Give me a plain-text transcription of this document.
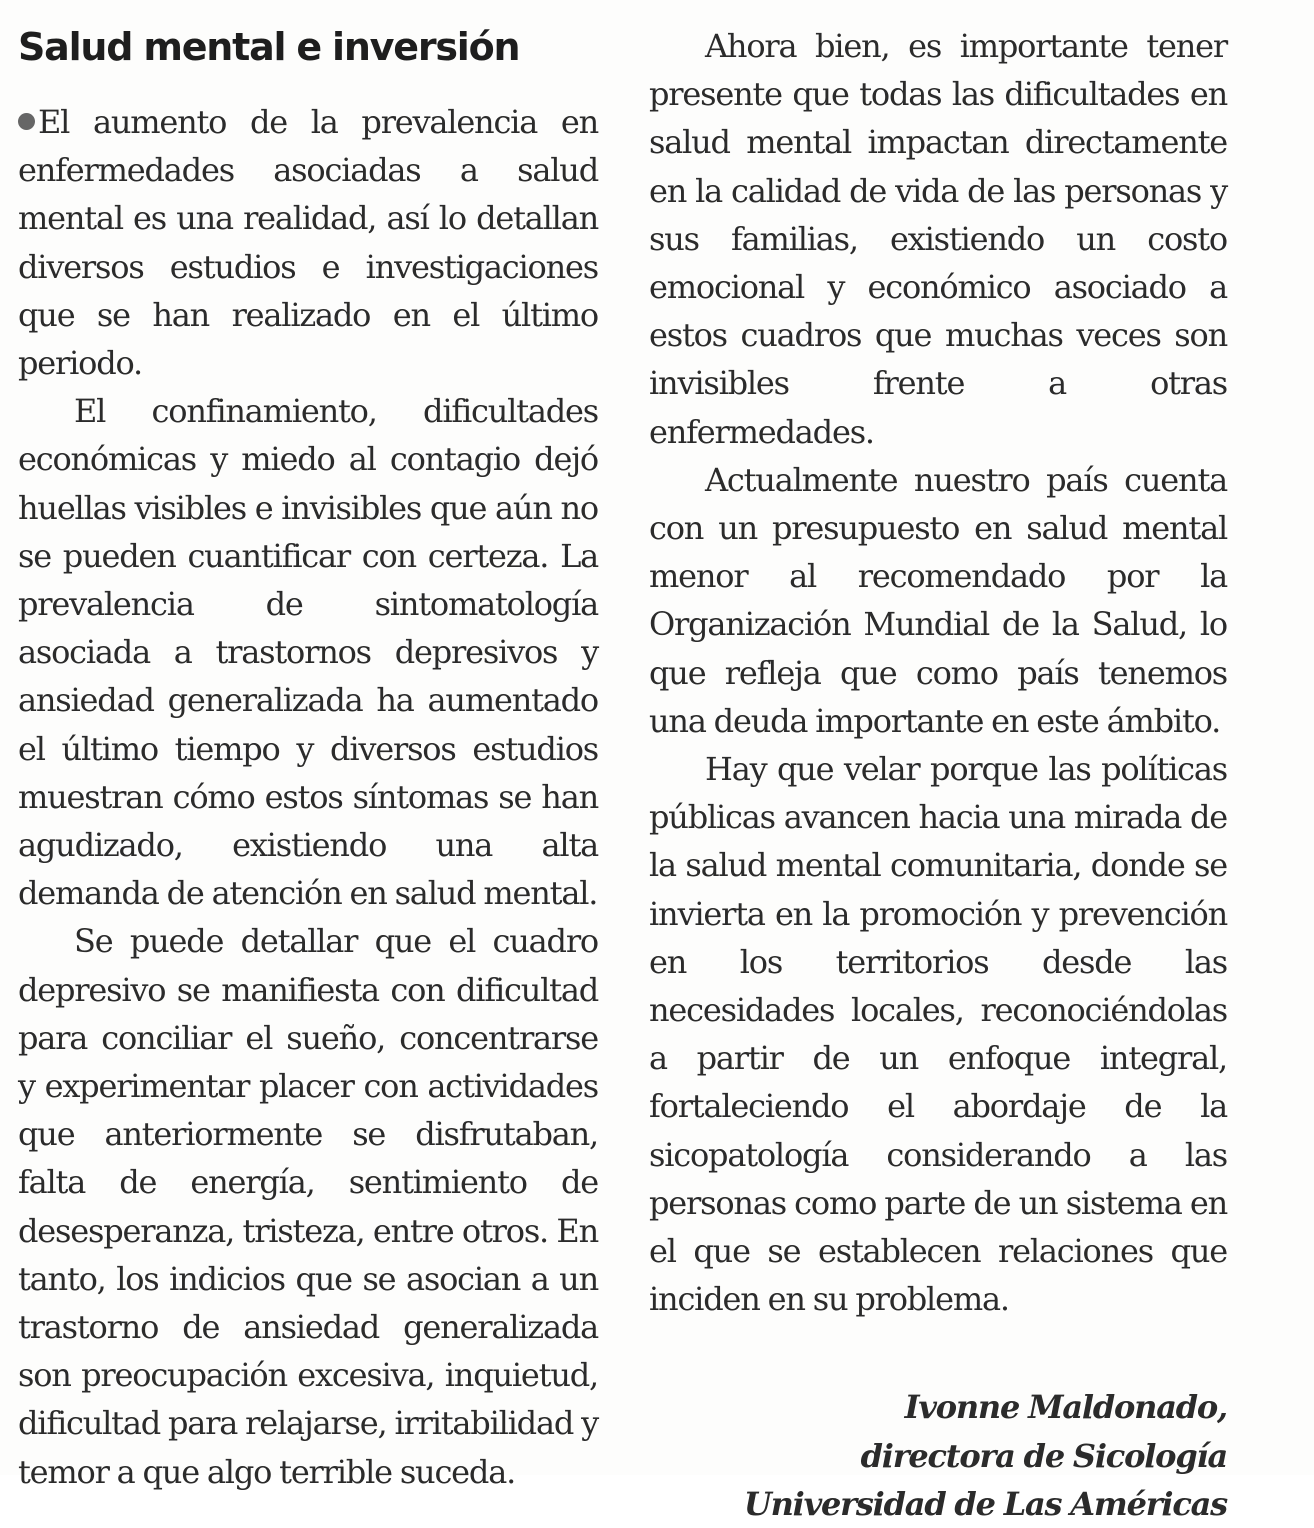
Salud mental e inversión

El aumento de la prevalencia en enfermedades asociadas a salud mental es una realidad, así lo detallan diversos estudios e investigaciones que se han realizado en el último periodo.

El confinamiento, dificultades económicas y miedo al contagio dejó huellas visibles e invisibles que aún no se pueden cuantificar con certeza. La prevalencia de sintomatología asociada a trastornos depresivos y ansiedad generalizada ha aumentado el último tiempo y diversos estudios muestran cómo estos síntomas se han agudizado, existiendo una alta demanda de atención en salud mental.

Se puede detallar que el cuadro depresivo se manifiesta con dificultad para conciliar el sueño, concentrarse y experimentar placer con actividades que anteriormente se disfrutaban, falta de energía, sentimiento de desesperanza, tristeza, entre otros. En tanto, los indicios que se asocian a un trastorno de ansiedad generalizada son preocupación excesiva, inquietud, dificultad para relajarse, irritabilidad y temor a que algo terrible suceda.

Ahora bien, es importante tener presente que todas las dificultades en salud mental impactan directamente en la calidad de vida de las personas y sus familias, existiendo un costo emocional y económico asociado a estos cuadros que muchas veces son invisibles frente a otras enfermedades.

Actualmente nuestro país cuenta con un presupuesto en salud mental menor al recomendado por la Organización Mundial de la Salud, lo que refleja que como país tenemos una deuda importante en este ámbito.

Hay que velar porque las políticas públicas avancen hacia una mirada de la salud mental comunitaria, donde se invierta en la promoción y prevención en los territorios desde las necesidades locales, reconociéndolas a partir de un enfoque integral, fortaleciendo el abordaje de la sicopatología considerando a las personas como parte de un sistema en el que se establecen relaciones que inciden en su problema.

Ivonne Maldonado,
directora de Sicología
Universidad de Las Américas
